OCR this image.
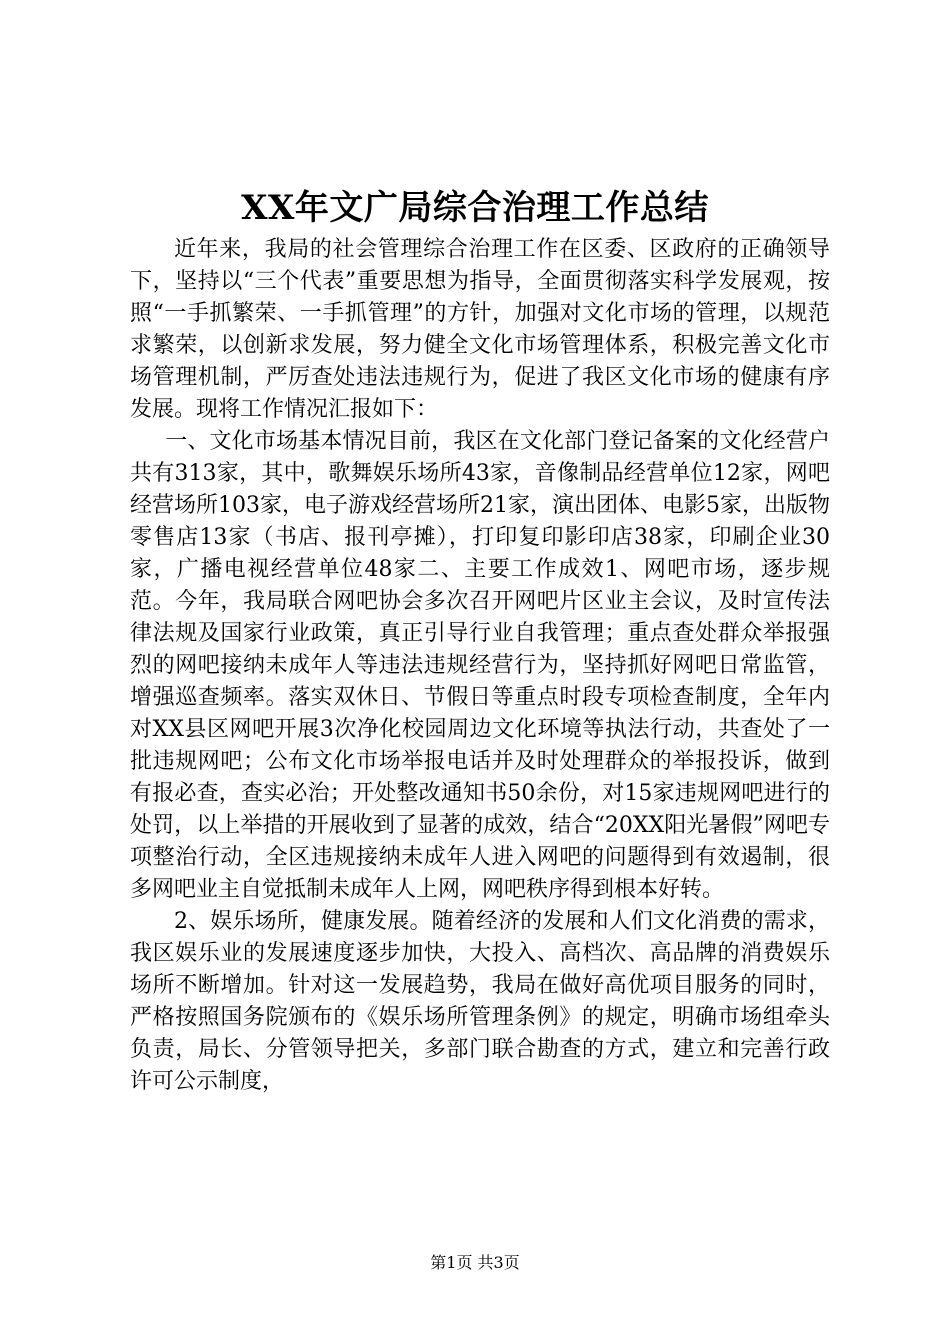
XX年文广局综合治理工作总结

近年来，我局的社会管理综合治理工作在区委、区政府的正确领导下，坚持以“三个代表”重要思想为指导，全面贯彻落实科学发展观，按照“一手抓繁荣、一手抓管理”的方针，加强对文化市场的管理，以规范求繁荣，以创新求发展，努力健全文化市场管理体系，积极完善文化市场管理机制，严厉查处违法违规行为，促进了我区文化市场的健康有序发展。现将工作情况汇报如下：

一、文化市场基本情况目前，我区在文化部门登记备案的文化经营户共有313家，其中，歌舞娱乐场所43家，音像制品经营单位12家，网吧经营场所103家，电子游戏经营场所21家，演出团体、电影5家，出版物零售店13家（书店、报刊亭摊），打印复印影印店38家，印刷企业30家，广播电视经营单位48家二、主要工作成效1、网吧市场，逐步规范。今年，我局联合网吧协会多次召开网吧片区业主会议，及时宣传法律法规及国家行业政策，真正引导行业自我管理；重点查处群众举报强烈的网吧接纳未成年人等违法违规经营行为，坚持抓好网吧日常监管，增强巡查频率。落实双休日、节假日等重点时段专项检查制度，全年内对XX县区网吧开展3次净化校园周边文化环境等执法行动，共查处了一批违规网吧；公布文化市场举报电话并及时处理群众的举报投诉，做到有报必查，查实必治；开处整改通知书50余份，对15家违规网吧进行的处罚，以上举措的开展收到了显著的成效，结合“20XX阳光暑假”网吧专项整治行动，全区违规接纳未成年人进入网吧的问题得到有效遏制，很多网吧业主自觉抵制未成年人上网，网吧秩序得到根本好转。

2、娱乐场所，健康发展。随着经济的发展和人们文化消费的需求，我区娱乐业的发展速度逐步加快，大投入、高档次、高品牌的消费娱乐场所不断增加。针对这一发展趋势，我局在做好高优项目服务的同时，严格按照国务院颁布的《娱乐场所管理条例》的规定，明确市场组牵头负责，局长、分管领导把关，多部门联合勘查的方式，建立和完善行政许可公示制度，

第1页 共3页
